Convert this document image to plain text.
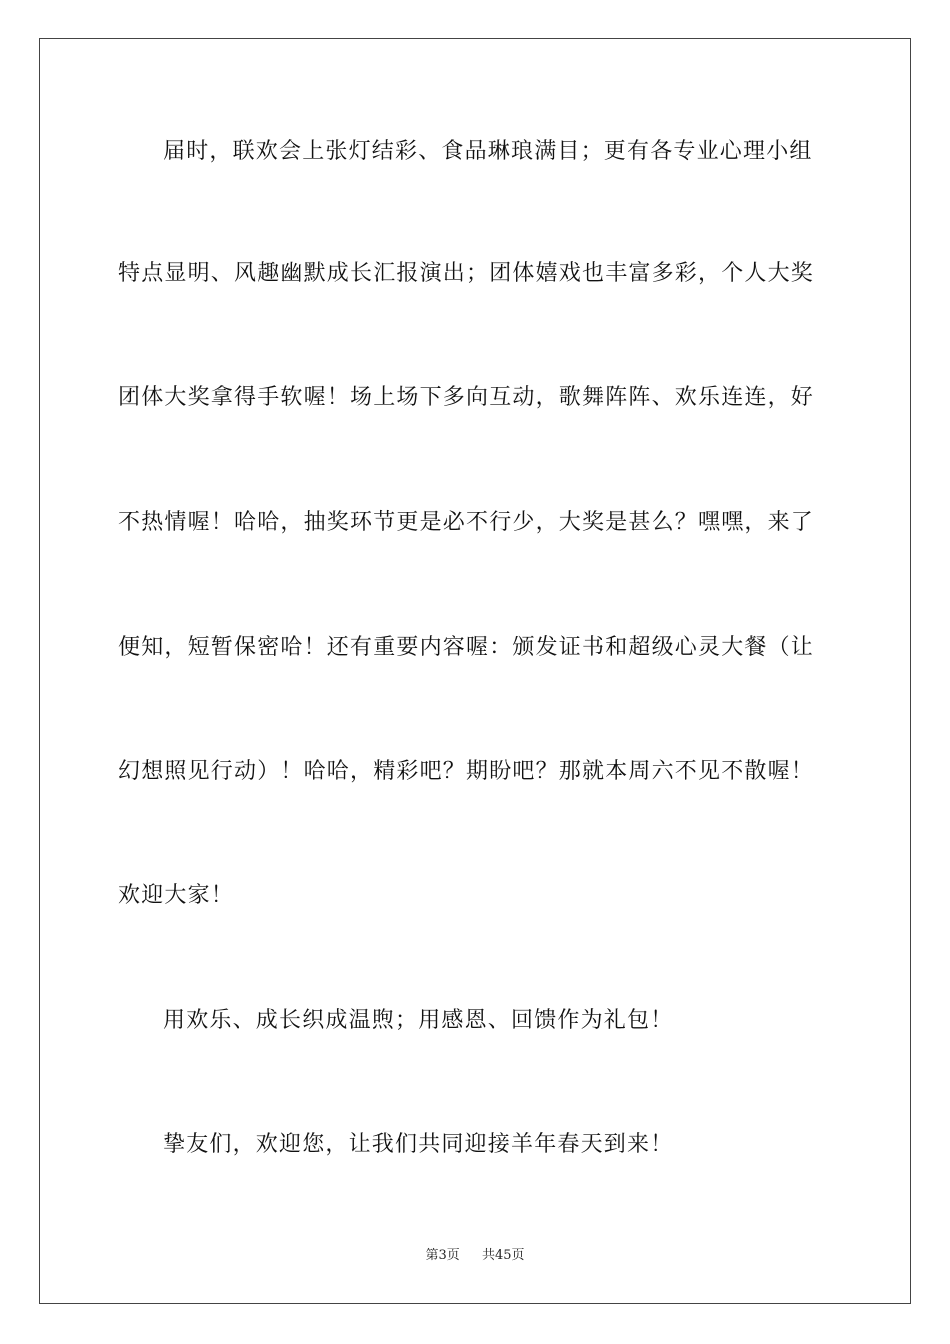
届时，联欢会上张灯结彩、食品琳琅满目；更有各专业心理小组
特点显明、风趣幽默成长汇报演出；团体嬉戏也丰富多彩，个人大奖
团体大奖拿得手软喔！场上场下多向互动，歌舞阵阵、欢乐连连，好
不热情喔！哈哈，抽奖环节更是必不行少，大奖是甚么？嘿嘿，来了
便知，短暂保密哈！还有重要内容喔：颁发证书和超级心灵大餐（让
幻想照见行动）！哈哈，精彩吧？期盼吧？那就本周六不见不散喔！
欢迎大家！
用欢乐、成长织成温煦；用感恩、回馈作为礼包！
挚友们，欢迎您，让我们共同迎接羊年春天到来！
第3页 共45页
